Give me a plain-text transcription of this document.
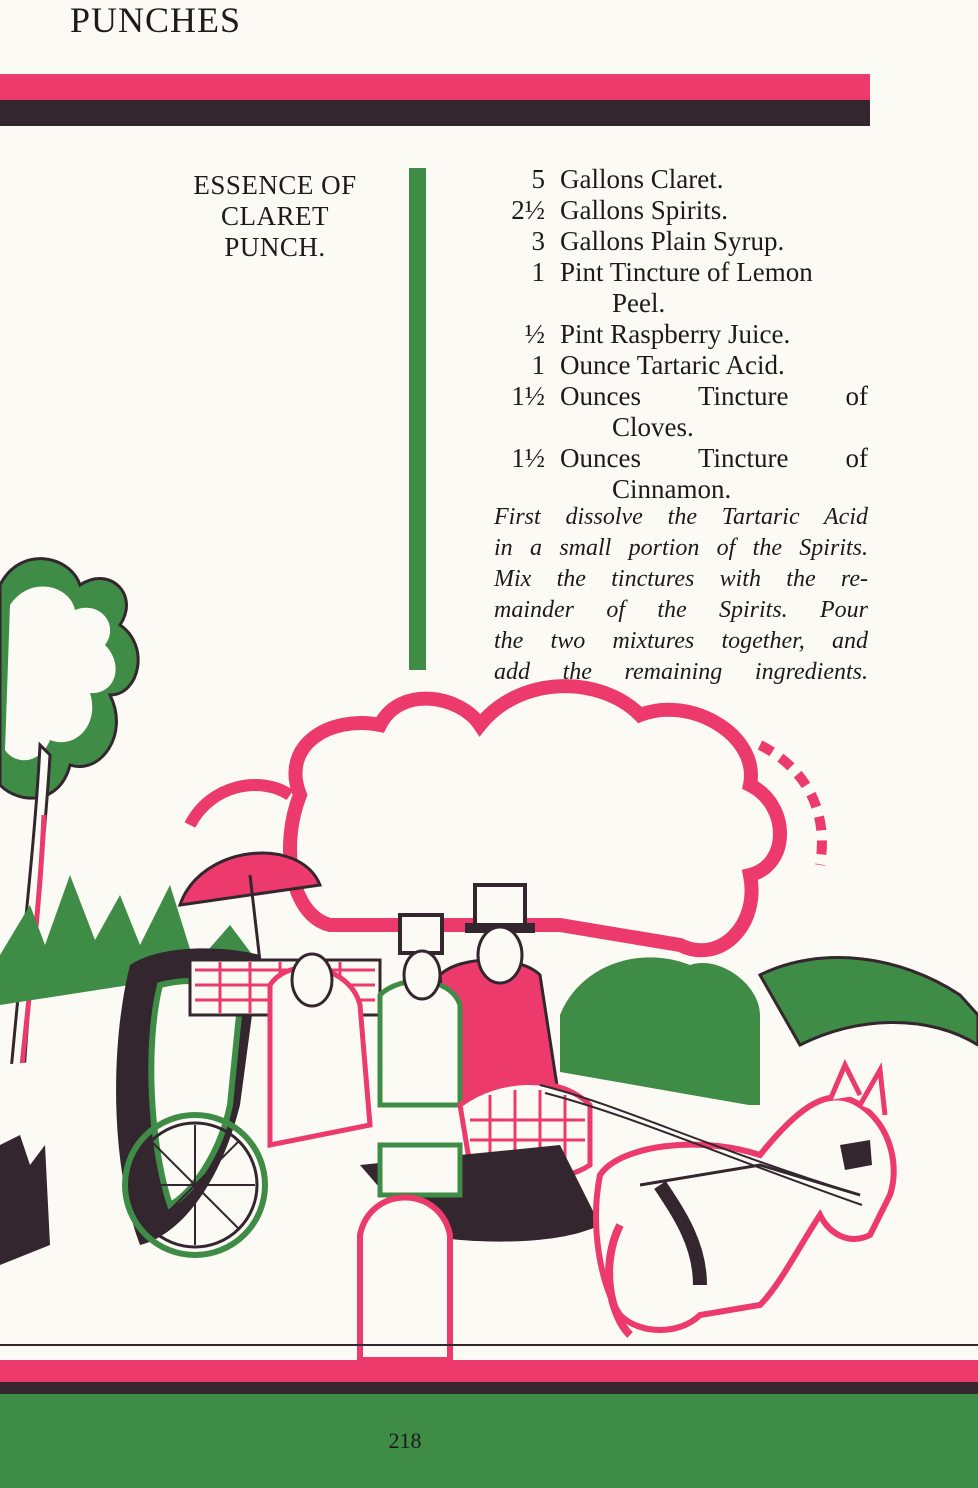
PUNCHES
ESSENCE OF
CLARET
PUNCH.
5 Gallons Claret.
2½ Gallons Spirits.
3 Gallons Plain Syrup.
1 Pint Tincture of Lemon
Peel.
½ Pint Raspberry Juice.
1 Ounce Tartaric Acid.
1½ Ounces Tincture of
Cloves.
1½ Ounces Tincture of
Cinnamon.
First dissolve the Tartaric Acid
in a small portion of the Spirits.
Mix the tinctures with the re-
mainder of the Spirits. Pour
the two mixtures together, and
add the remaining ingredients.
218
